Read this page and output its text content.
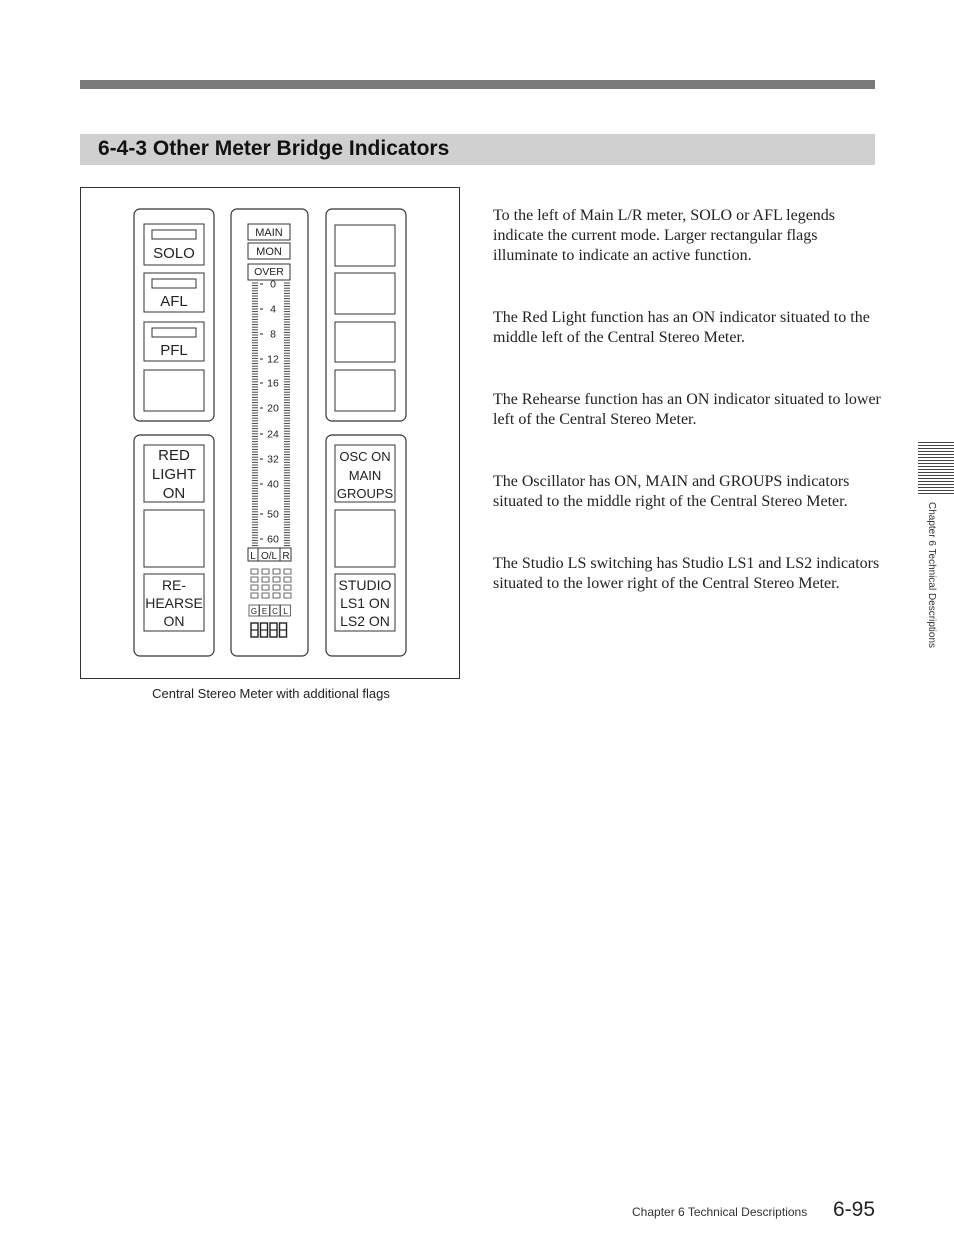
6-4-3 Other Meter Bridge Indicators
SOLO
AFL
PFL
RED
LIGHT
ON
RE-
HEARSE
ON
MAIN
MON
OVER
0
4
8
12
16
20
24
32
40
50
60
L O/L R
G E C L
OSC ON
MAIN
GROUPS
STUDIO
LS1 ON
LS2 ON
Central Stereo Meter with additional flags

To the left of Main L/R meter, SOLO or AFL legends indicate the current mode. Larger rectangular flags illuminate to indicate an active function.

The Red Light function has an ON indicator situated to the middle left of the Central Stereo Meter.

The Rehearse function has an ON indicator situated to lower left of the Central Stereo Meter.

The Oscillator has ON, MAIN and GROUPS indicators situated to the middle right of the Central Stereo Meter.

The Studio LS switching has Studio LS1 and LS2 indicators situated to the lower right of the Central Stereo Meter.	Chapter 6 Technical Descriptions
Chapter 6 Technical Descriptions 6-95
